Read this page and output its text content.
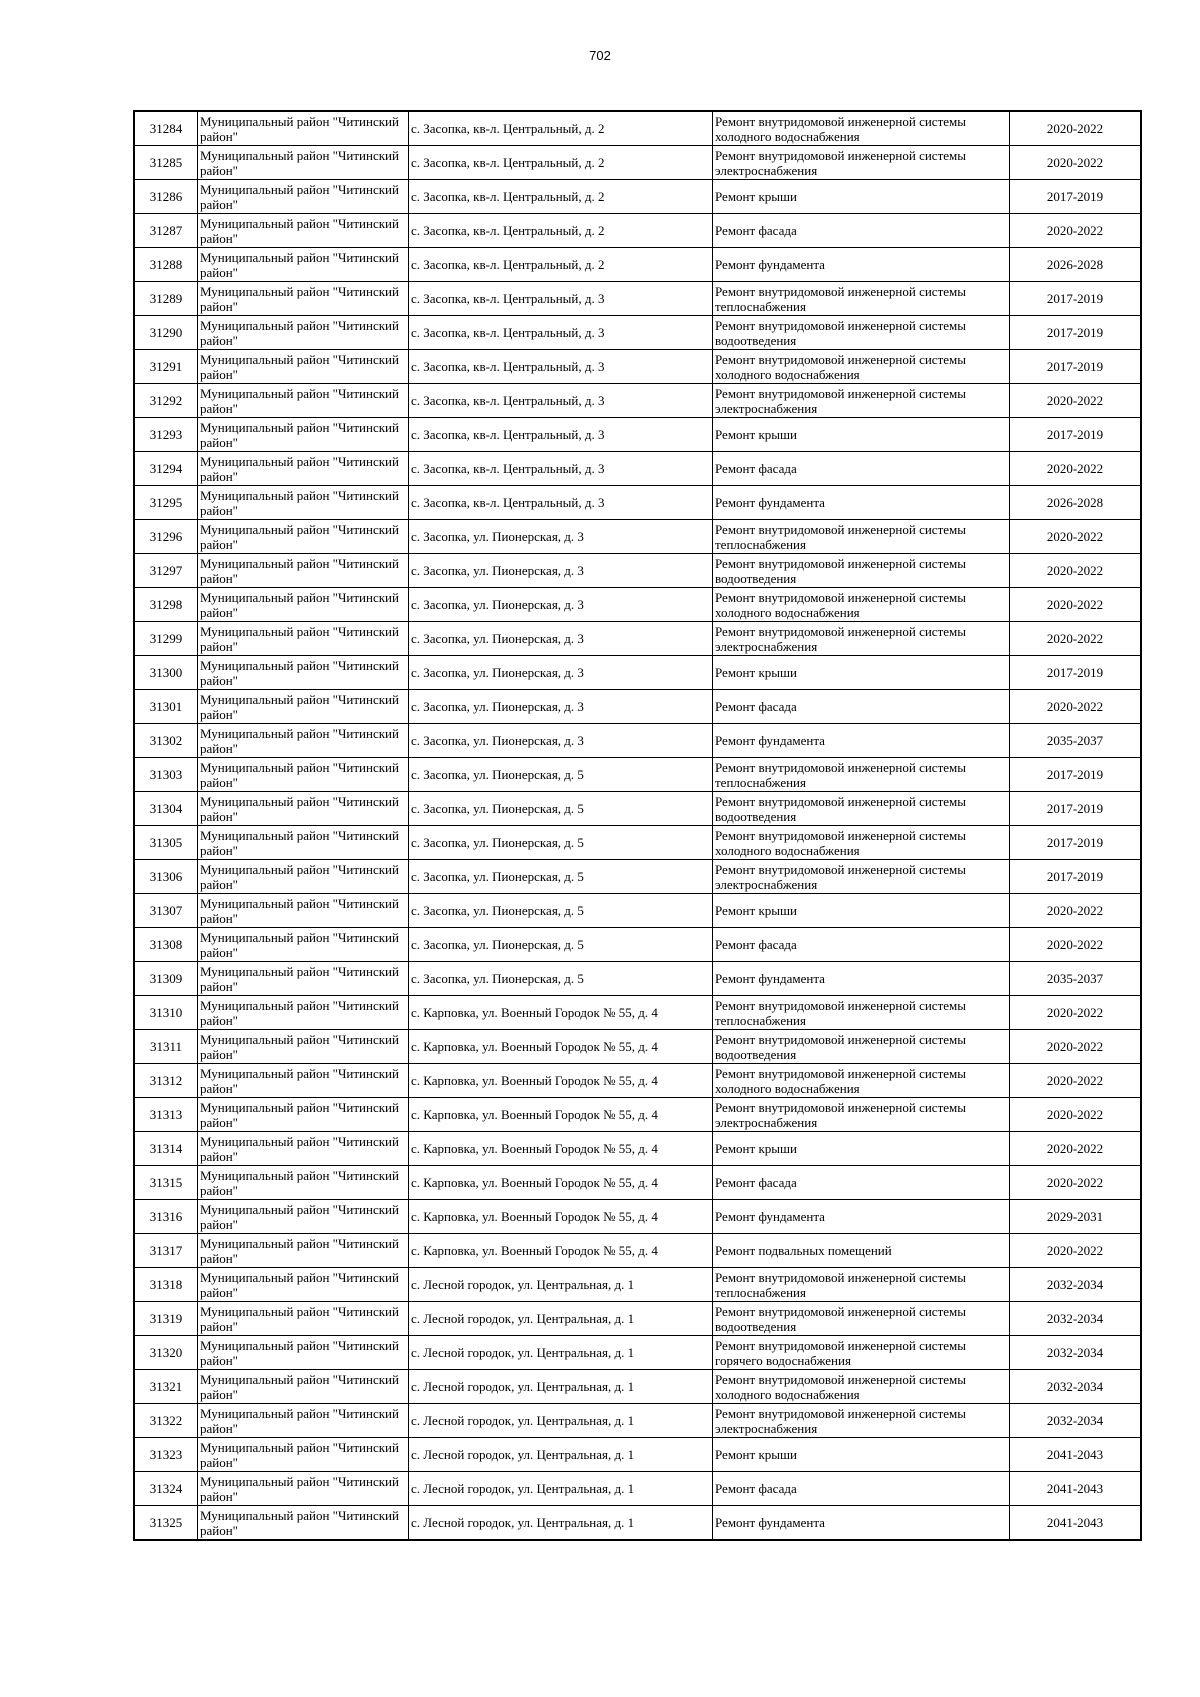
702
31284	Муниципальный район "Читинский
район"	с. Засопка, кв-л. Центральный, д. 2	Ремонт внутридомовой инженерной системы
холодного водоснабжения	2020-2022
31285	Муниципальный район "Читинский
район"	с. Засопка, кв-л. Центральный, д. 2	Ремонт внутридомовой инженерной системы
электроснабжения	2020-2022
31286	Муниципальный район "Читинский
район"	с. Засопка, кв-л. Центральный, д. 2	Ремонт крыши	2017-2019
31287	Муниципальный район "Читинский
район"	с. Засопка, кв-л. Центральный, д. 2	Ремонт фасада	2020-2022
31288	Муниципальный район "Читинский
район"	с. Засопка, кв-л. Центральный, д. 2	Ремонт фундамента	2026-2028
31289	Муниципальный район "Читинский
район"	с. Засопка, кв-л. Центральный, д. 3	Ремонт внутридомовой инженерной системы
теплоснабжения	2017-2019
31290	Муниципальный район "Читинский
район"	с. Засопка, кв-л. Центральный, д. 3	Ремонт внутридомовой инженерной системы
водоотведения	2017-2019
31291	Муниципальный район "Читинский
район"	с. Засопка, кв-л. Центральный, д. 3	Ремонт внутридомовой инженерной системы
холодного водоснабжения	2017-2019
31292	Муниципальный район "Читинский
район"	с. Засопка, кв-л. Центральный, д. 3	Ремонт внутридомовой инженерной системы
электроснабжения	2020-2022
31293	Муниципальный район "Читинский
район"	с. Засопка, кв-л. Центральный, д. 3	Ремонт крыши	2017-2019
31294	Муниципальный район "Читинский
район"	с. Засопка, кв-л. Центральный, д. 3	Ремонт фасада	2020-2022
31295	Муниципальный район "Читинский
район"	с. Засопка, кв-л. Центральный, д. 3	Ремонт фундамента	2026-2028
31296	Муниципальный район "Читинский
район"	с. Засопка, ул. Пионерская, д. 3	Ремонт внутридомовой инженерной системы
теплоснабжения	2020-2022
31297	Муниципальный район "Читинский
район"	с. Засопка, ул. Пионерская, д. 3	Ремонт внутридомовой инженерной системы
водоотведения	2020-2022
31298	Муниципальный район "Читинский
район"	с. Засопка, ул. Пионерская, д. 3	Ремонт внутридомовой инженерной системы
холодного водоснабжения	2020-2022
31299	Муниципальный район "Читинский
район"	с. Засопка, ул. Пионерская, д. 3	Ремонт внутридомовой инженерной системы
электроснабжения	2020-2022
31300	Муниципальный район "Читинский
район"	с. Засопка, ул. Пионерская, д. 3	Ремонт крыши	2017-2019
31301	Муниципальный район "Читинский
район"	с. Засопка, ул. Пионерская, д. 3	Ремонт фасада	2020-2022
31302	Муниципальный район "Читинский
район"	с. Засопка, ул. Пионерская, д. 3	Ремонт фундамента	2035-2037
31303	Муниципальный район "Читинский
район"	с. Засопка, ул. Пионерская, д. 5	Ремонт внутридомовой инженерной системы
теплоснабжения	2017-2019
31304	Муниципальный район "Читинский
район"	с. Засопка, ул. Пионерская, д. 5	Ремонт внутридомовой инженерной системы
водоотведения	2017-2019
31305	Муниципальный район "Читинский
район"	с. Засопка, ул. Пионерская, д. 5	Ремонт внутридомовой инженерной системы
холодного водоснабжения	2017-2019
31306	Муниципальный район "Читинский
район"	с. Засопка, ул. Пионерская, д. 5	Ремонт внутридомовой инженерной системы
электроснабжения	2017-2019
31307	Муниципальный район "Читинский
район"	с. Засопка, ул. Пионерская, д. 5	Ремонт крыши	2020-2022
31308	Муниципальный район "Читинский
район"	с. Засопка, ул. Пионерская, д. 5	Ремонт фасада	2020-2022
31309	Муниципальный район "Читинский
район"	с. Засопка, ул. Пионерская, д. 5	Ремонт фундамента	2035-2037
31310	Муниципальный район "Читинский
район"	с. Карповка, ул. Военный Городок № 55, д. 4	Ремонт внутридомовой инженерной системы
теплоснабжения	2020-2022
31311	Муниципальный район "Читинский
район"	с. Карповка, ул. Военный Городок № 55, д. 4	Ремонт внутридомовой инженерной системы
водоотведения	2020-2022
31312	Муниципальный район "Читинский
район"	с. Карповка, ул. Военный Городок № 55, д. 4	Ремонт внутридомовой инженерной системы
холодного водоснабжения	2020-2022
31313	Муниципальный район "Читинский
район"	с. Карповка, ул. Военный Городок № 55, д. 4	Ремонт внутридомовой инженерной системы
электроснабжения	2020-2022
31314	Муниципальный район "Читинский
район"	с. Карповка, ул. Военный Городок № 55, д. 4	Ремонт крыши	2020-2022
31315	Муниципальный район "Читинский
район"	с. Карповка, ул. Военный Городок № 55, д. 4	Ремонт фасада	2020-2022
31316	Муниципальный район "Читинский
район"	с. Карповка, ул. Военный Городок № 55, д. 4	Ремонт фундамента	2029-2031
31317	Муниципальный район "Читинский
район"	с. Карповка, ул. Военный Городок № 55, д. 4	Ремонт подвальных помещений	2020-2022
31318	Муниципальный район "Читинский
район"	с. Лесной городок, ул. Центральная, д. 1	Ремонт внутридомовой инженерной системы
теплоснабжения	2032-2034
31319	Муниципальный район "Читинский
район"	с. Лесной городок, ул. Центральная, д. 1	Ремонт внутридомовой инженерной системы
водоотведения	2032-2034
31320	Муниципальный район "Читинский
район"	с. Лесной городок, ул. Центральная, д. 1	Ремонт внутридомовой инженерной системы
горячего водоснабжения	2032-2034
31321	Муниципальный район "Читинский
район"	с. Лесной городок, ул. Центральная, д. 1	Ремонт внутридомовой инженерной системы
холодного водоснабжения	2032-2034
31322	Муниципальный район "Читинский
район"	с. Лесной городок, ул. Центральная, д. 1	Ремонт внутридомовой инженерной системы
электроснабжения	2032-2034
31323	Муниципальный район "Читинский
район"	с. Лесной городок, ул. Центральная, д. 1	Ремонт крыши	2041-2043
31324	Муниципальный район "Читинский
район"	с. Лесной городок, ул. Центральная, д. 1	Ремонт фасада	2041-2043
31325	Муниципальный район "Читинский
район"	с. Лесной городок, ул. Центральная, д. 1	Ремонт фундамента	2041-2043
